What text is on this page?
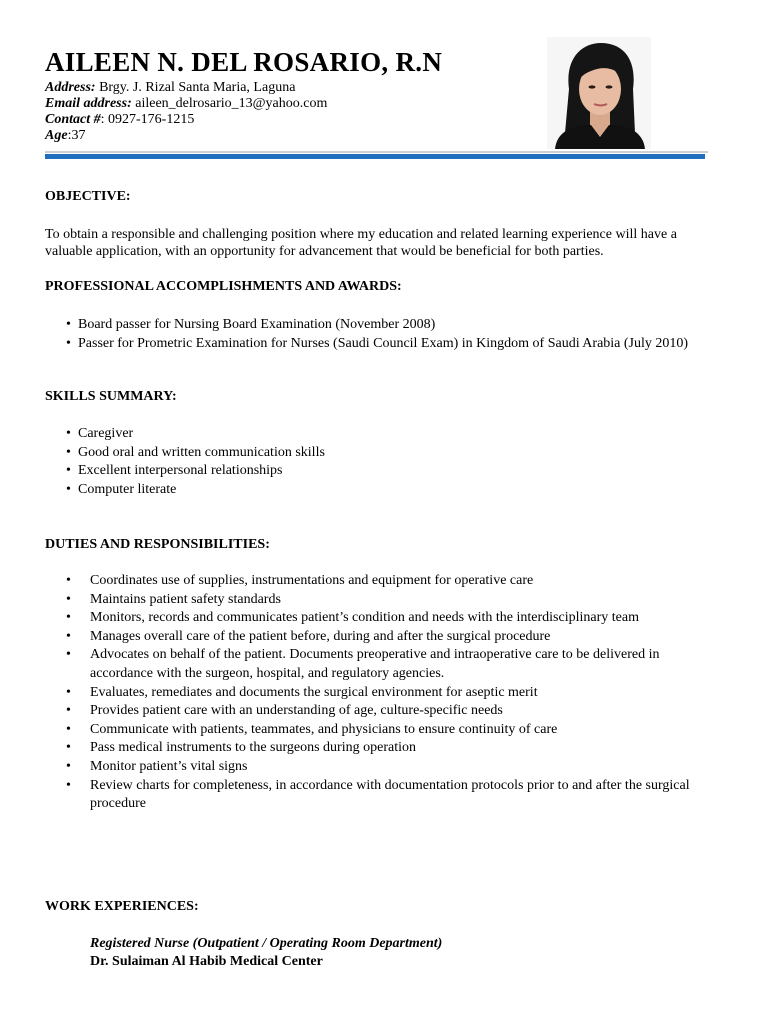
AILEEN N. DEL ROSARIO, R.N
Address: Brgy. J. Rizal Santa Maria, Laguna
Email address: aileen_delrosario_13@yahoo.com
Contact #: 0927-176-1215
Age:37
OBJECTIVE:
To obtain a responsible and challenging position where my education and related learning experience will have a valuable application, with an opportunity for advancement that would be beneficial for both parties.
PROFESSIONAL ACCOMPLISHMENTS AND AWARDS:
• Board passer for Nursing Board Examination (November 2008)
• Passer for Prometric Examination for Nurses (Saudi Council Exam) in Kingdom of Saudi Arabia (July 2010)
SKILLS SUMMARY:
• Caregiver
• Good oral and written communication skills
• Excellent interpersonal relationships
• Computer literate
DUTIES AND RESPONSIBILITIES:
• Coordinates use of supplies, instrumentations and equipment for operative care
• Maintains patient safety standards
• Monitors, records and communicates patient’s condition and needs with the interdisciplinary team
• Manages overall care of the patient before, during and after the surgical procedure
• Advocates on behalf of the patient. Documents preoperative and intraoperative care to be delivered in accordance with the surgeon, hospital, and regulatory agencies.
• Evaluates, remediates and documents the surgical environment for aseptic merit
• Provides patient care with an understanding of age, culture-specific needs
• Communicate with patients, teammates, and physicians to ensure continuity of care
• Pass medical instruments to the surgeons during operation
• Monitor patient’s vital signs
• Review charts for completeness, in accordance with documentation protocols prior to and after the surgical procedure
WORK EXPERIENCES:
Registered Nurse (Outpatient / Operating Room Department)
Dr. Sulaiman Al Habib Medical Center
